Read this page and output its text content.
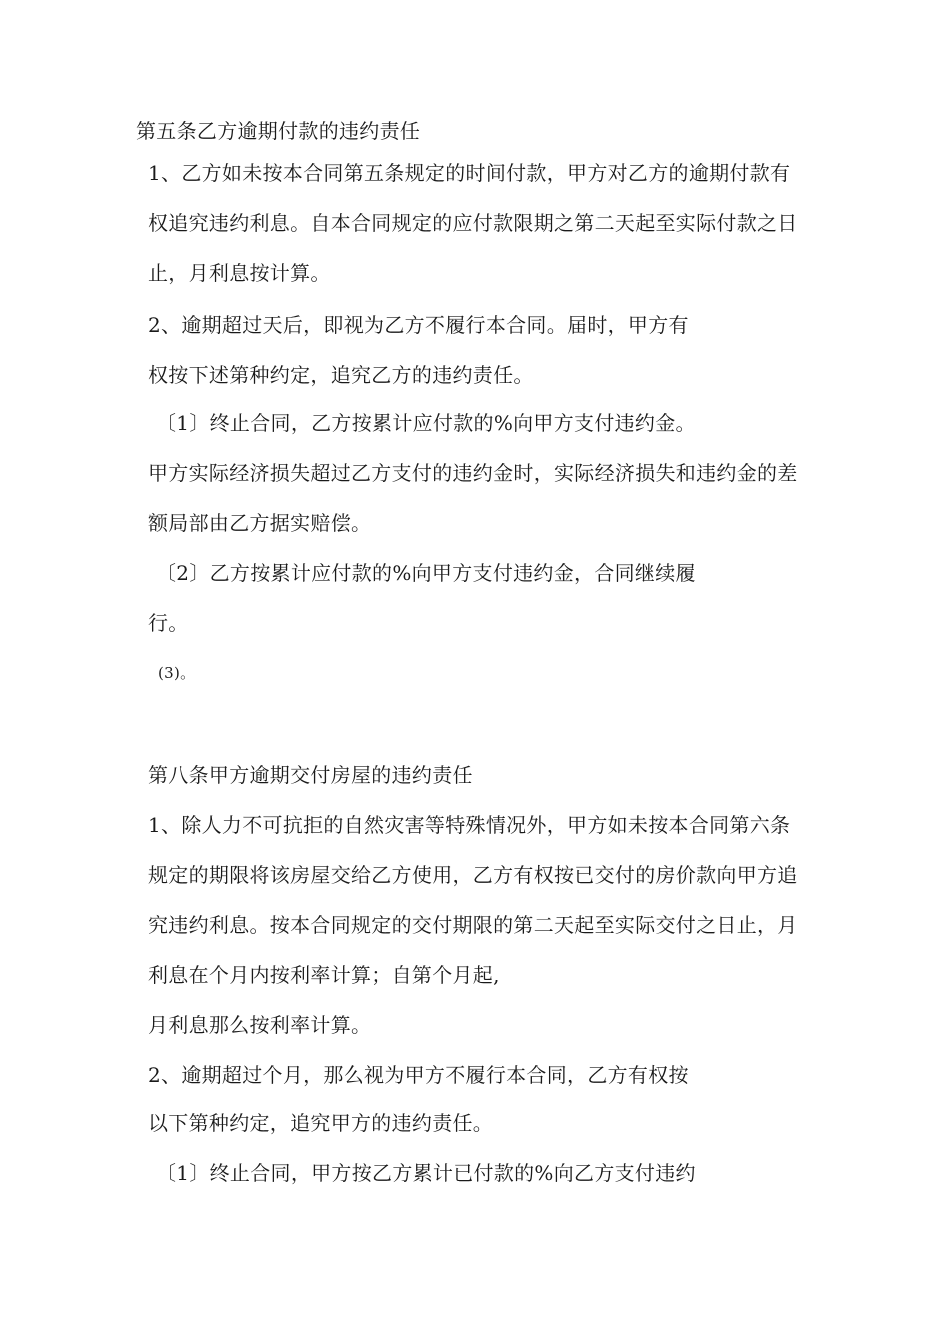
第五条乙方逾期付款的违约责任

1、乙方如未按本合同第五条规定的时间付款，甲方对乙方的逾期付款有

权追究违约利息。自本合同规定的应付款限期之第二天起至实际付款之日

止，月利息按计算。

2、逾期超过天后，即视为乙方不履行本合同。届时，甲方有

权按下述第种约定，追究乙方的违约责任。

〔1〕终止合同，乙方按累计应付款的%向甲方支付违约金。

甲方实际经济损失超过乙方支付的违约金时，实际经济损失和违约金的差

额局部由乙方据实赔偿。

〔2〕乙方按累计应付款的%向甲方支付违约金，合同继续履

行。

(3)。

第八条甲方逾期交付房屋的违约责任

1、除人力不可抗拒的自然灾害等特殊情况外，甲方如未按本合同第六条

规定的期限将该房屋交给乙方使用，乙方有权按已交付的房价款向甲方追

究违约利息。按本合同规定的交付期限的第二天起至实际交付之日止，月

利息在个月内按利率计算；自第个月起,

月利息那么按利率计算。

2、逾期超过个月，那么视为甲方不履行本合同，乙方有权按

以下第种约定，追究甲方的违约责任。

〔1〕终止合同，甲方按乙方累计已付款的%向乙方支付违约
